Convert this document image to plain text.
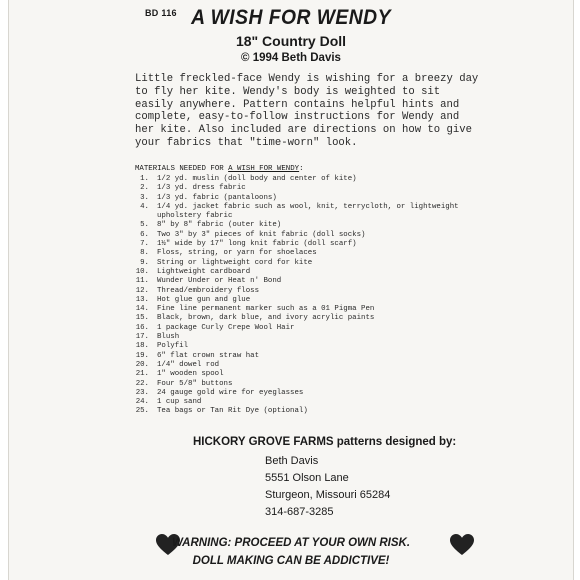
BD 116 A WISH FOR WENDY
18" Country Doll
© 1994 Beth Davis
Little freckled-face Wendy is wishing for a breezy day to fly her kite. Wendy's body is weighted to sit easily anywhere. Pattern contains helpful hints and complete, easy-to-follow instructions for Wendy and her kite. Also included are directions on how to give your fabrics that "time-worn" look.
MATERIALS NEEDED FOR A WISH FOR WENDY:
1. 1/2 yd. muslin (doll body and center of kite)
2. 1/3 yd. dress fabric
3. 1/3 yd. fabric (pantaloons)
4. 1/4 yd. jacket fabric such as wool, knit, terrycloth, or lightweight upholstery fabric
5. 8" by 8" fabric (outer kite)
6. Two 3" by 3" pieces of knit fabric (doll socks)
7. 1½" wide by 17" long knit fabric (doll scarf)
8. Floss, string, or yarn for shoelaces
9. String or lightweight cord for kite
10. Lightweight cardboard
11. Wunder Under or Heat n' Bond
12. Thread/embroidery floss
13. Hot glue gun and glue
14. Fine line permanent marker such as a 01 Pigma Pen
15. Black, brown, dark blue, and ivory acrylic paints
16. 1 package Curly Crepe Wool Hair
17. Blush
18. Polyfil
19. 6" flat crown straw hat
20. 1/4" dowel rod
21. 1" wooden spool
22. Four 5/8" buttons
23. 24 gauge gold wire for eyeglasses
24. 1 cup sand
25. Tea bags or Tan Rit Dye (optional)
HICKORY GROVE FARMS patterns designed by:
Beth Davis
5551 Olson Lane
Sturgeon, Missouri 65284
314-687-3285
WARNING: PROCEED AT YOUR OWN RISK.
DOLL MAKING CAN BE ADDICTIVE!
